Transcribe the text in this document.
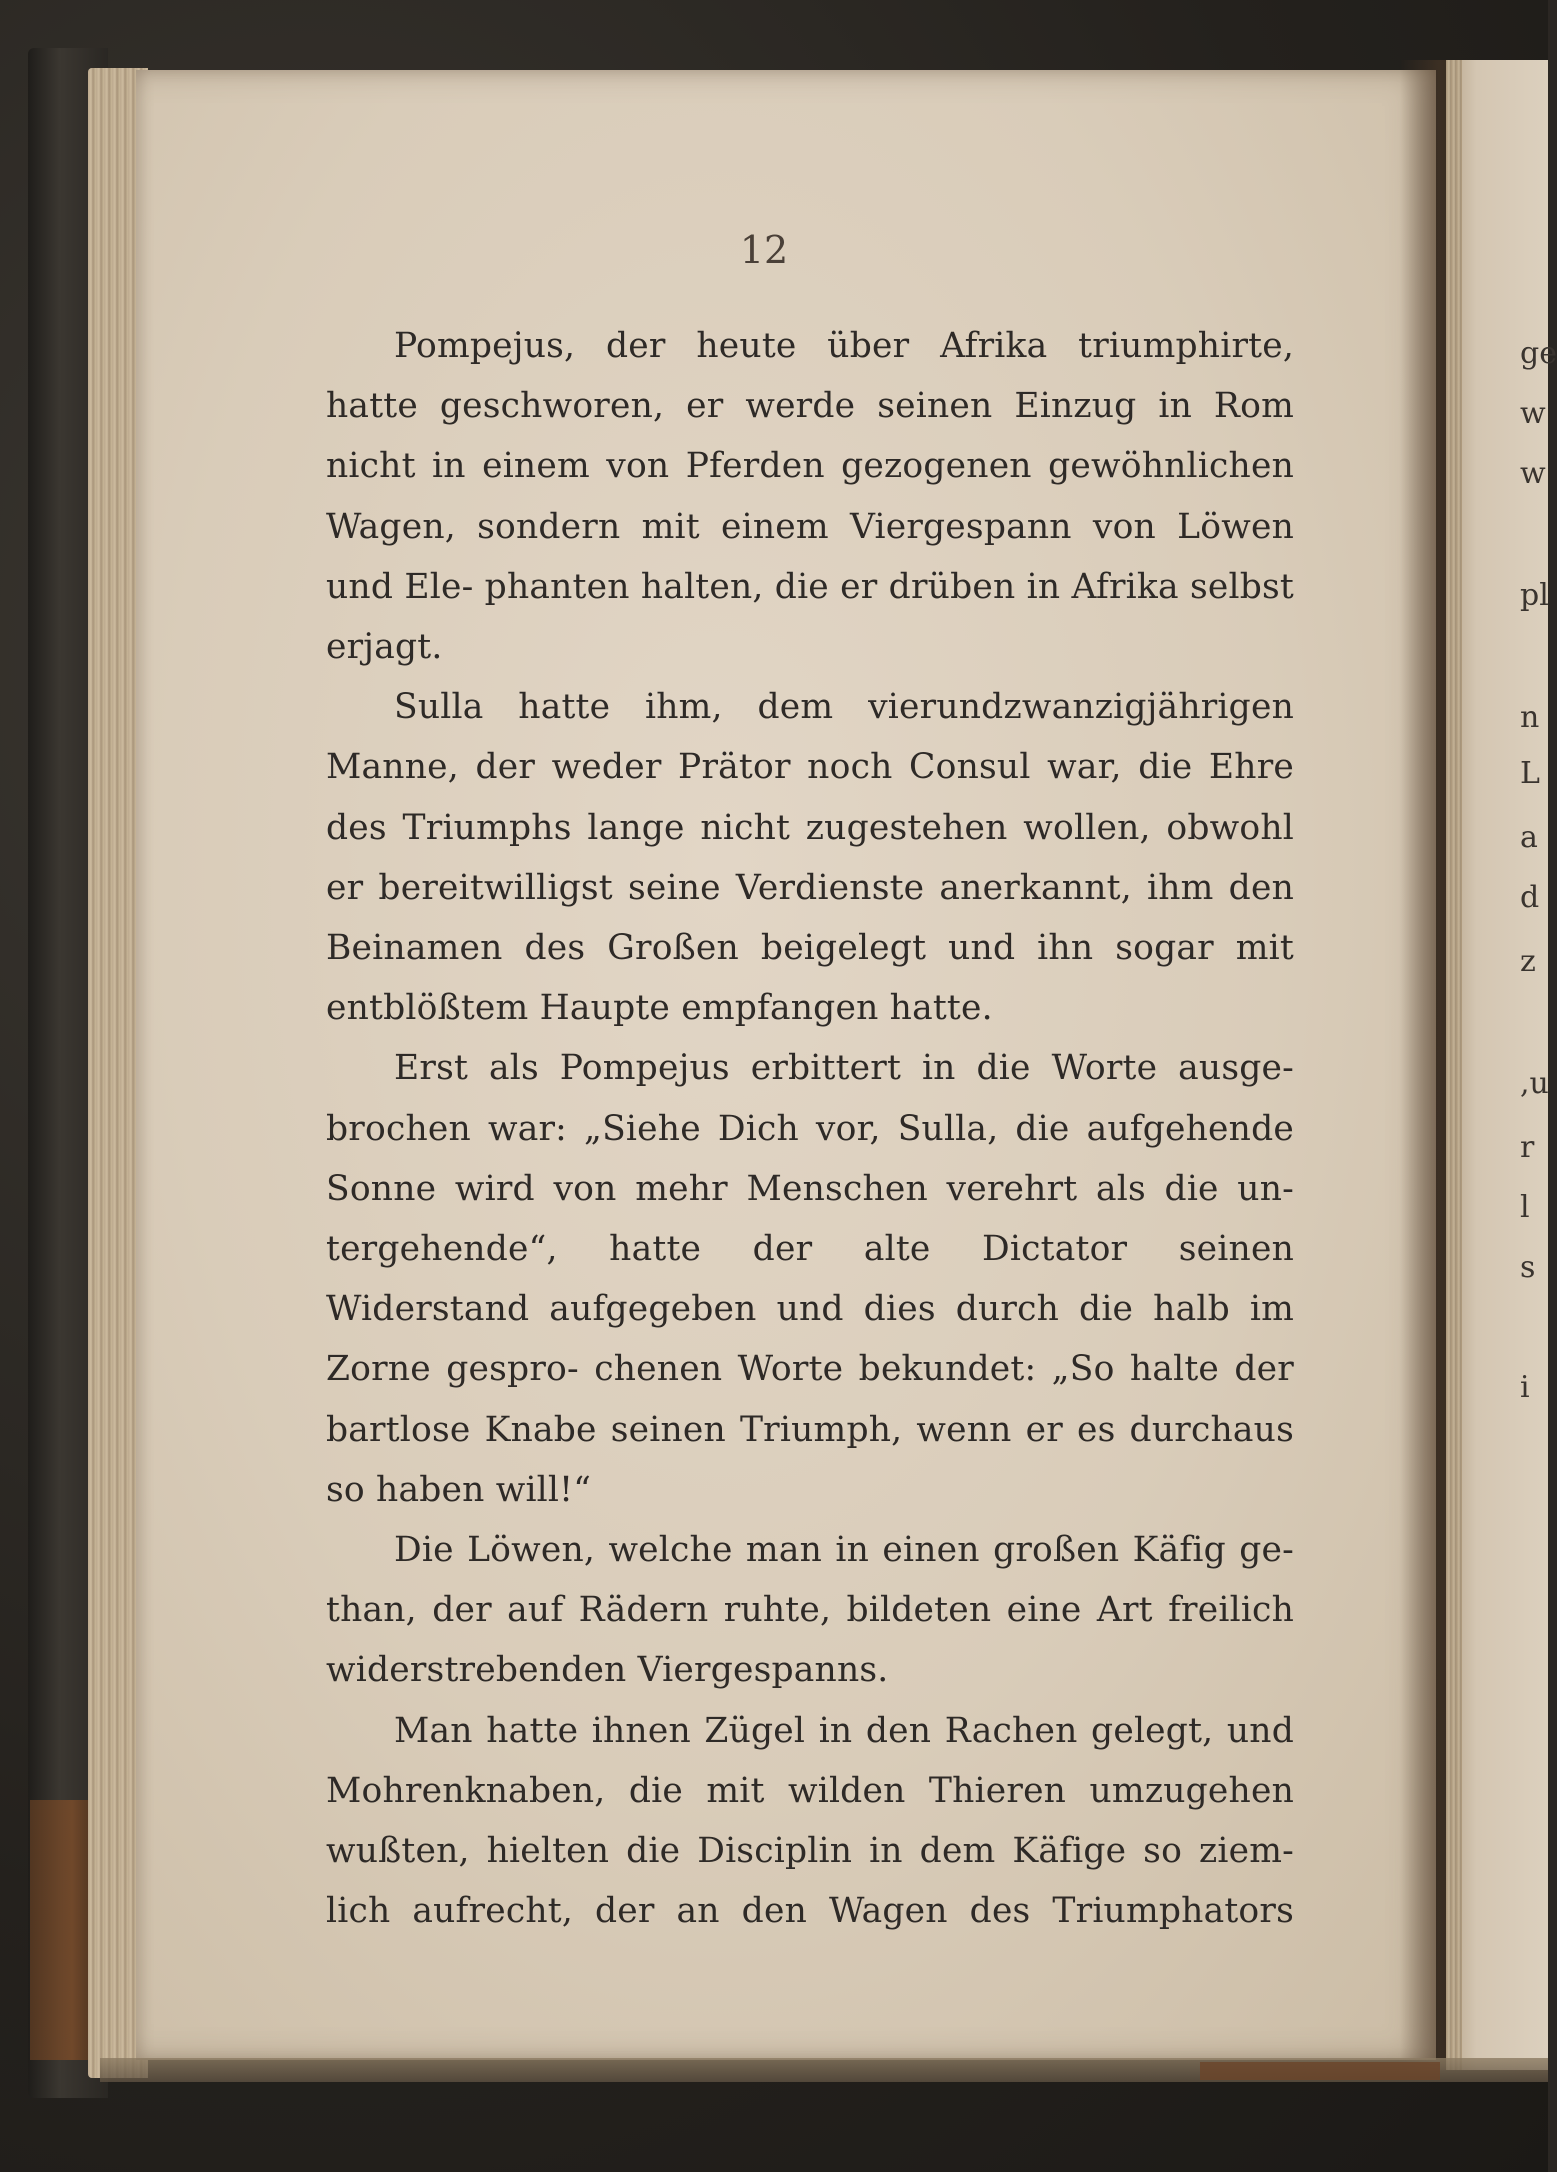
12

Pompejus, der heute über Afrika triumphirte, hatte geschworen, er werde seinen Einzug in Rom nicht in einem von Pferden gezogenen gewöhnlichen Wagen, sondern mit einem Viergespann von Löwen und Ele‑ phanten halten, die er drüben in Afrika selbst erjagt.

Sulla hatte ihm, dem vierundzwanzigjährigen Manne, der weder Prätor noch Consul war, die Ehre des Triumphs lange nicht zugestehen wollen, obwohl er bereitwilligst seine Verdienste anerkannt, ihm den Beinamen des Großen beigelegt und ihn sogar mit entblößtem Haupte empfangen hatte.

Erst als Pompejus erbittert in die Worte ausge‑ brochen war: „Siehe Dich vor, Sulla, die aufgehende Sonne wird von mehr Menschen verehrt als die un‑ tergehende“, hatte der alte Dictator seinen Widerstand aufgegeben und dies durch die halb im Zorne gespro‑ chenen Worte bekundet: „So halte der bartlose Knabe seinen Triumph, wenn er es durchaus so haben will!“

Die Löwen, welche man in einen großen Käfig ge‑ than, der auf Rädern ruhte, bildeten eine Art freilich widerstrebenden Viergespanns.

Man hatte ihnen Zügel in den Rachen gelegt, und Mohrenknaben, die mit wilden Thieren umzugehen wußten, hielten die Disciplin in dem Käfige so ziem‑ lich aufrecht, der an den Wagen des Triumphators

ge
w
w
pl
n
L
a
d
z
,u
r
l
s
i
